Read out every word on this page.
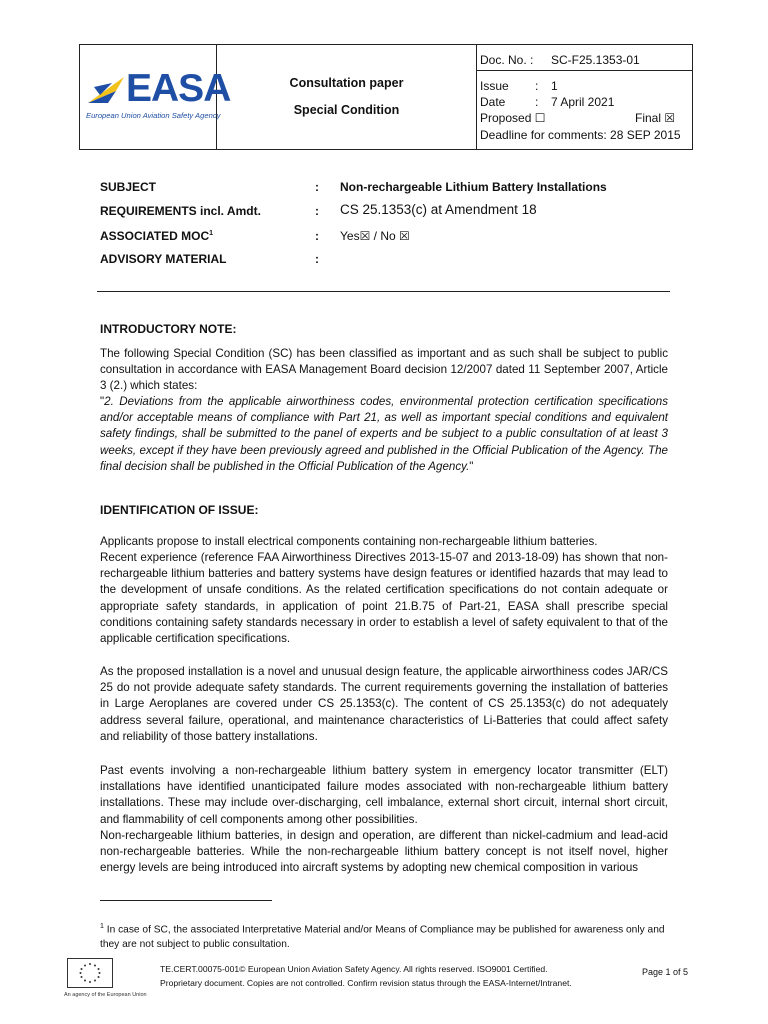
EASA
European Union Aviation Safety Agency
Consultation paper
Special Condition
Doc. No. : SC-F25.1353-01
Issue : 1
Date : 7 April 2021
Proposed ☐	Final ☒
Deadline for comments: 28 SEP 2015
SUBJECT	: Non-rechargeable Lithium Battery Installations
REQUIREMENTS incl. Amdt.	: CS 25.1353(c) at Amendment 18
ASSOCIATED MOC$^1$	: Yes☒ / No ☒
ADVISORY MATERIAL	:
INTRODUCTORY NOTE:

The following Special Condition (SC) has been classified as important and as such shall be subject to public consultation in accordance with EASA Management Board decision 12/2007 dated 11 September 2007, Article 3 (2.) which states:

"2. Deviations from the applicable airworthiness codes, environmental protection certification specifications and/or acceptable means of compliance with Part 21, as well as important special conditions and equivalent safety findings, shall be submitted to the panel of experts and be subject to a public consultation of at least 3 weeks, except if they have been previously agreed and published in the Official Publication of the Agency. The final decision shall be published in the Official Publication of the Agency."

IDENTIFICATION OF ISSUE:

Applicants propose to install electrical components containing non-rechargeable lithium batteries.

Recent experience (reference FAA Airworthiness Directives 2013-15-07 and 2013-18-09) has shown that non-rechargeable lithium batteries and battery systems have design features or identified hazards that may lead to the development of unsafe conditions. As the related certification specifications do not contain adequate or appropriate safety standards, in application of point 21.B.75 of Part-21, EASA shall prescribe special conditions containing safety standards necessary in order to establish a level of safety equivalent to that of the applicable certification specifications.

As the proposed installation is a novel and unusual design feature, the applicable airworthiness codes JAR/CS 25 do not provide adequate safety standards. The current requirements governing the installation of batteries in Large Aeroplanes are covered under CS 25.1353(c). The content of CS 25.1353(c) do not adequately address several failure, operational, and maintenance characteristics of Li-Batteries that could affect safety and reliability of those battery installations.

Past events involving a non-rechargeable lithium battery system in emergency locator transmitter (ELT) installations have identified unanticipated failure modes associated with non-rechargeable lithium battery installations. These may include over-discharging, cell imbalance, external short circuit, internal short circuit, and flammability of cell components among other possibilities.

Non-rechargeable lithium batteries, in design and operation, are different than nickel-cadmium and lead-acid non-rechargeable batteries. While the non-rechargeable lithium battery concept is not itself novel, higher energy levels are being introduced into aircraft systems by adopting new chemical composition in various

$^1$ In case of SC, the associated Interpretative Material and/or Means of Compliance may be published for awareness only and they are not subject to public consultation.

An agency of the European Union
TE.CERT.00075-001© European Union Aviation Safety Agency. All rights reserved. ISO9001 Certified.
Proprietary document. Copies are not controlled. Confirm revision status through the EASA-Internet/Intranet.
Page 1 of 5
